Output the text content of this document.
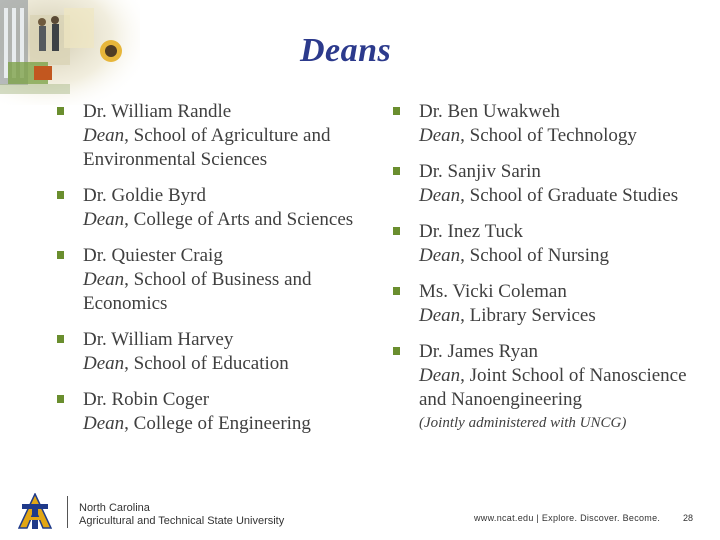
Deans
Dr. William Randle
Dean, School of Agriculture and Environmental Sciences
Dr. Goldie Byrd
Dean, College of Arts and Sciences
Dr. Quiester Craig
Dean, School of Business and Economics
Dr. William Harvey
Dean, School of Education
Dr. Robin Coger
Dean, College of Engineering
Dr. Ben Uwakweh
Dean, School of Technology
Dr. Sanjiv Sarin
Dean, School of Graduate Studies
Dr. Inez Tuck
Dean, School of Nursing
Ms. Vicki Coleman
Dean, Library Services
Dr. James Ryan
Dean, Joint School of Nanoscience and Nanoengineering
(Jointly administered with UNCG)
North Carolina
Agricultural and Technical State University	www.ncat.edu | Explore. Discover. Become.	28
